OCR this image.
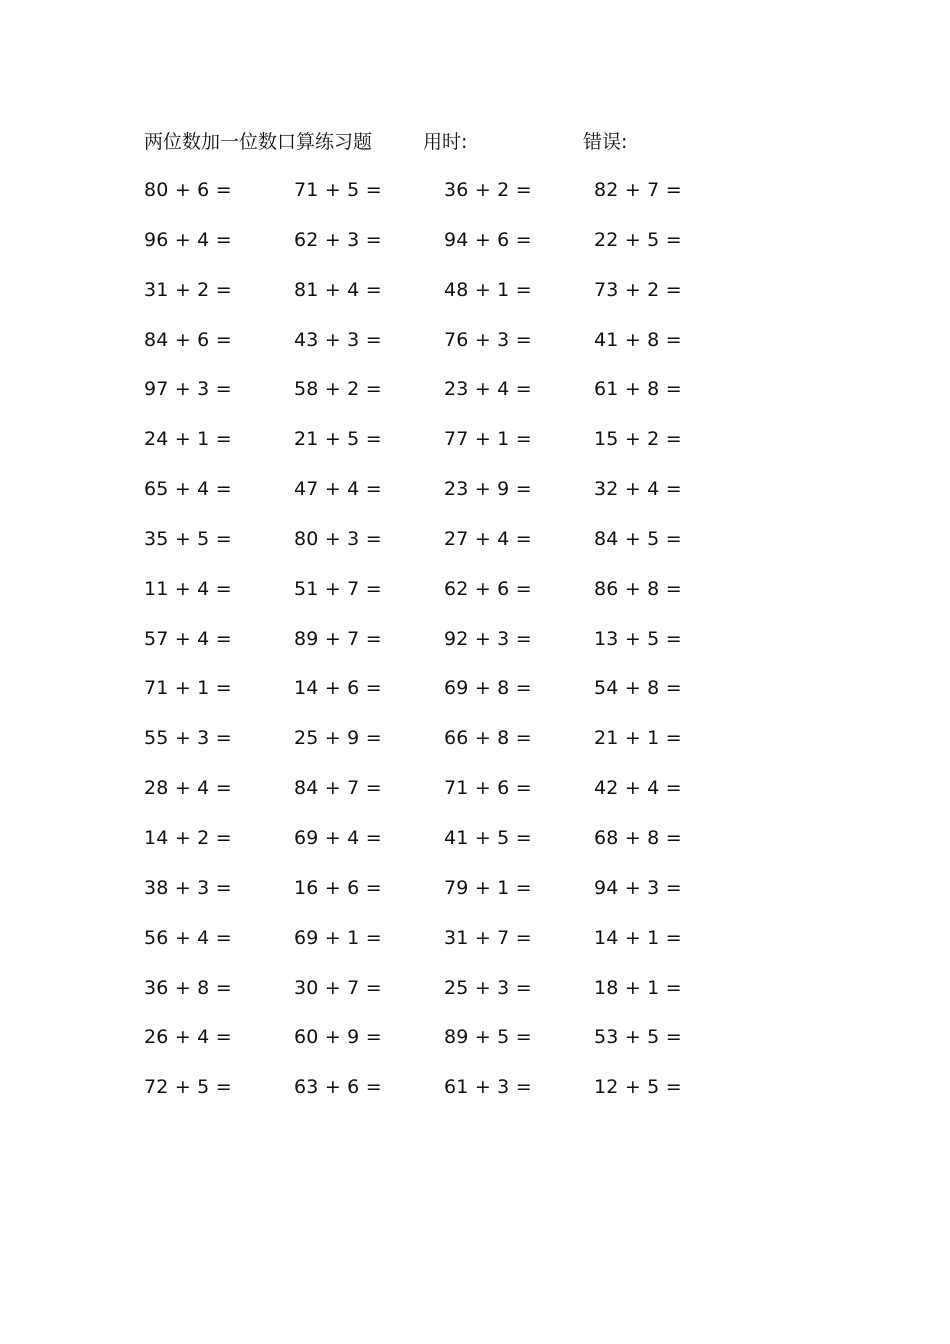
两位数加一位数口算练习题	用时:	错误:
80 + 6 =	71 + 5 =	36 + 2 =	82 + 7 =
96 + 4 =	62 + 3 =	94 + 6 =	22 + 5 =
31 + 2 =	81 + 4 =	48 + 1 =	73 + 2 =
84 + 6 =	43 + 3 =	76 + 3 =	41 + 8 =
97 + 3 =	58 + 2 =	23 + 4 =	61 + 8 =
24 + 1 =	21 + 5 =	77 + 1 =	15 + 2 =
65 + 4 =	47 + 4 =	23 + 9 =	32 + 4 =
35 + 5 =	80 + 3 =	27 + 4 =	84 + 5 =
11 + 4 =	51 + 7 =	62 + 6 =	86 + 8 =
57 + 4 =	89 + 7 =	92 + 3 =	13 + 5 =
71 + 1 =	14 + 6 =	69 + 8 =	54 + 8 =
55 + 3 =	25 + 9 =	66 + 8 =	21 + 1 =
28 + 4 =	84 + 7 =	71 + 6 =	42 + 4 =
14 + 2 =	69 + 4 =	41 + 5 =	68 + 8 =
38 + 3 =	16 + 6 =	79 + 1 =	94 + 3 =
56 + 4 =	69 + 1 =	31 + 7 =	14 + 1 =
36 + 8 =	30 + 7 =	25 + 3 =	18 + 1 =
26 + 4 =	60 + 9 =	89 + 5 =	53 + 5 =
72 + 5 =	63 + 6 =	61 + 3 =	12 + 5 =
